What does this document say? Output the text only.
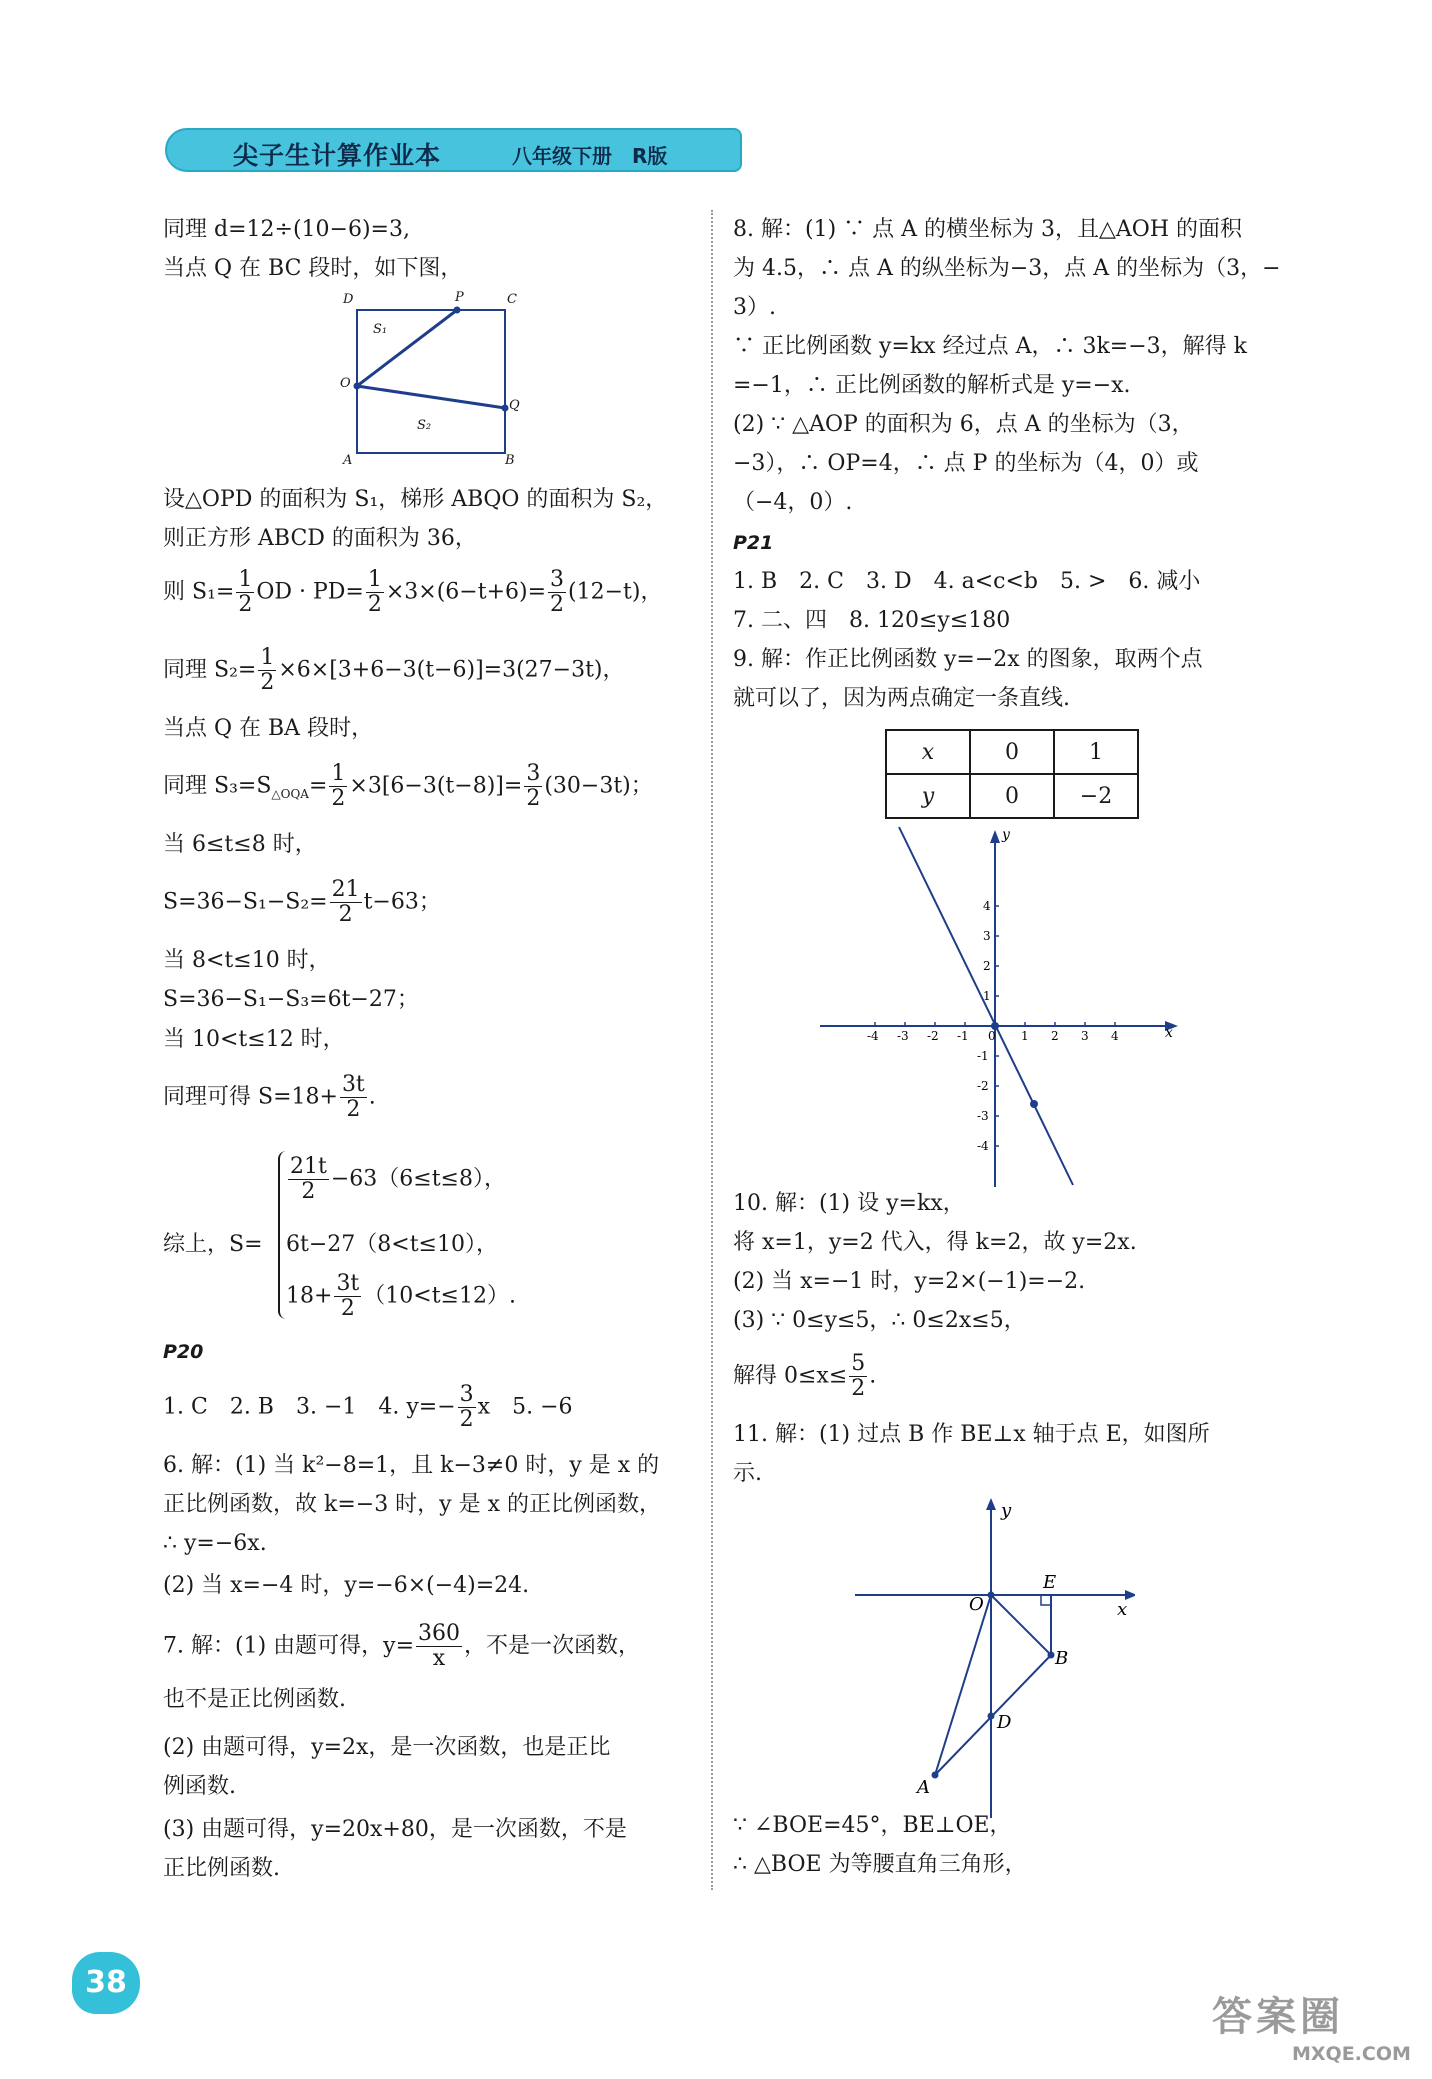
尖子生计算作业本	八年级下册　R版
同理 d=12÷(10−6)=3,
当点 Q 在 BC 段时，如下图，
D	P	C
S₁
O
Q
S₂
A	B
设△OPD 的面积为 S₁，梯形 ABQO 的面积为 S₂，
则正方形 ABCD 的面积为 36，
则 $S_1= \frac{1}{2}$ OD · $PD= \frac{1}{2} \times 3\times(6-t+6)= \frac{3}{2} (12-t)$，
同理 $S_2= \frac{1}{2} \times 6\times[3+6-3(t-6)]=3(27-3t)$，
当点 Q 在 BA 段时，
同理 $S_3=S_{\triangle OQA}= \frac{1}{2} \times 3[6-3(t-8)]= \frac{3}{2} (30-3t)$；
当 6≤t≤8 时，
$S=36-S_1-S_2= \frac{21}{2} t-63$；
当 8<t≤10 时，
S=36−S₁−S₃=6t−27；
当 10<t≤12 时，
同理可得 $S=18+ \frac{3t}{2}$ .
综上，S=
$\frac{21t}{2} -63(6\le t\le 8)$，
6t−27（8<t≤10），
$18+ \frac{3t}{2} (10<t\le 12)$.
P20
1. C　2. B　3. −1　4. $y=- \frac{3}{2}$ x　5. −6
6. 解：(1) 当 k²−8=1，且 k−3≠0 时，y 是 x 的
正比例函数，故 k=−3 时，y 是 x 的正比例函数，
∴ y=−6x.
(2) 当 x=−4 时，y=−6×(−4)=24.
7. 解：(1) 由题可得，$y= \frac{360}{x}$ ，不是一次函数，
也不是正比例函数.
(2) 由题可得，y=2x，是一次函数，也是正比
例函数.
(3) 由题可得，y=20x+80，是一次函数，不是
正比例函数.
8. 解：(1) ∵ 点 A 的横坐标为 3，且△AOH 的面积
为 4.5，∴ 点 A 的纵坐标为−3，点 A 的坐标为（3，−
3）.
∵ 正比例函数 y=kx 经过点 A，∴ 3k=−3，解得 k
=−1，∴ 正比例函数的解析式是 y=−x.
(2) ∵ △AOP 的面积为 6，点 A 的坐标为（3，
−3），∴ OP=4，∴ 点 P 的坐标为（4，0）或
（−4，0）.
P21
1. B　2. C　3. D　4. a<c<b　5. >　6. 减小
7. 二、四　8. 120≤y≤180
9. 解：作正比例函数 y=−2x 的图象，取两个点
就可以了，因为两点确定一条直线.
x	0	1
y	0	−2
-4 -3 -2 -1 0 1 2 3 4
4
3
2
1
-1
-2
-3
-4
x
y
10. 解：(1) 设 y=kx，
将 x=1，y=2 代入，得 k=2，故 y=2x.
(2) 当 x=−1 时，y=2×(−1)=−2.
(3) ∵ 0≤y≤5，∴ 0≤2x≤5，
解得 $0\le x\le \frac{5}{2}$ .
11. 解：(1) 过点 B 作 BE⊥x 轴于点 E，如图所
示.
y
x
O
E
B
D
A
∵ ∠BOE=45°，BE⊥OE，
∴ △BOE 为等腰直角三角形，
38
答案圈
MXQE.COM
